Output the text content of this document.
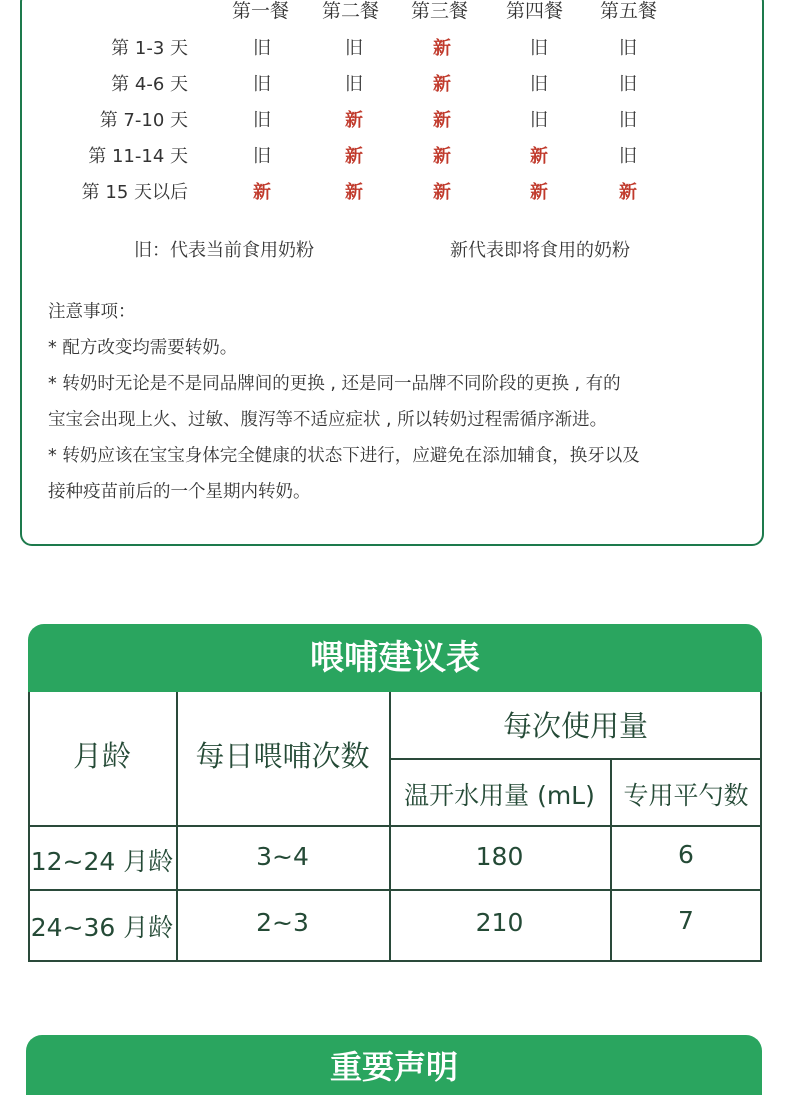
第一餐 第二餐 第三餐 第四餐 第五餐
第 1-3 天	旧	旧	新	旧	旧
第 4-6 天	旧	旧	新	旧	旧
第 7-10 天	旧	新	新	旧	旧
第 11-14 天	旧	新	新	新	旧
第 15 天以后	新	新	新	新	新
旧：代表当前食用奶粉	新代表即将食用的奶粉
注意事项：
* 配方改变均需要转奶。
* 转奶时无论是不是同品牌间的更换 , 还是同一品牌不同阶段的更换 , 有的
宝宝会出现上火、过敏、腹泻等不适应症状 , 所以转奶过程需循序渐进。
* 转奶应该在宝宝身体完全健康的状态下进行，应避免在添加辅食，换牙以及
接种疫苗前后的一个星期内转奶。
喂哺建议表
月龄	每日喂哺次数
每次使用量
温开水用量 (mL)	专用平勺数
12~24 月龄	3~4	180	6
24~36 月龄	2~3	210	7
重要声明
